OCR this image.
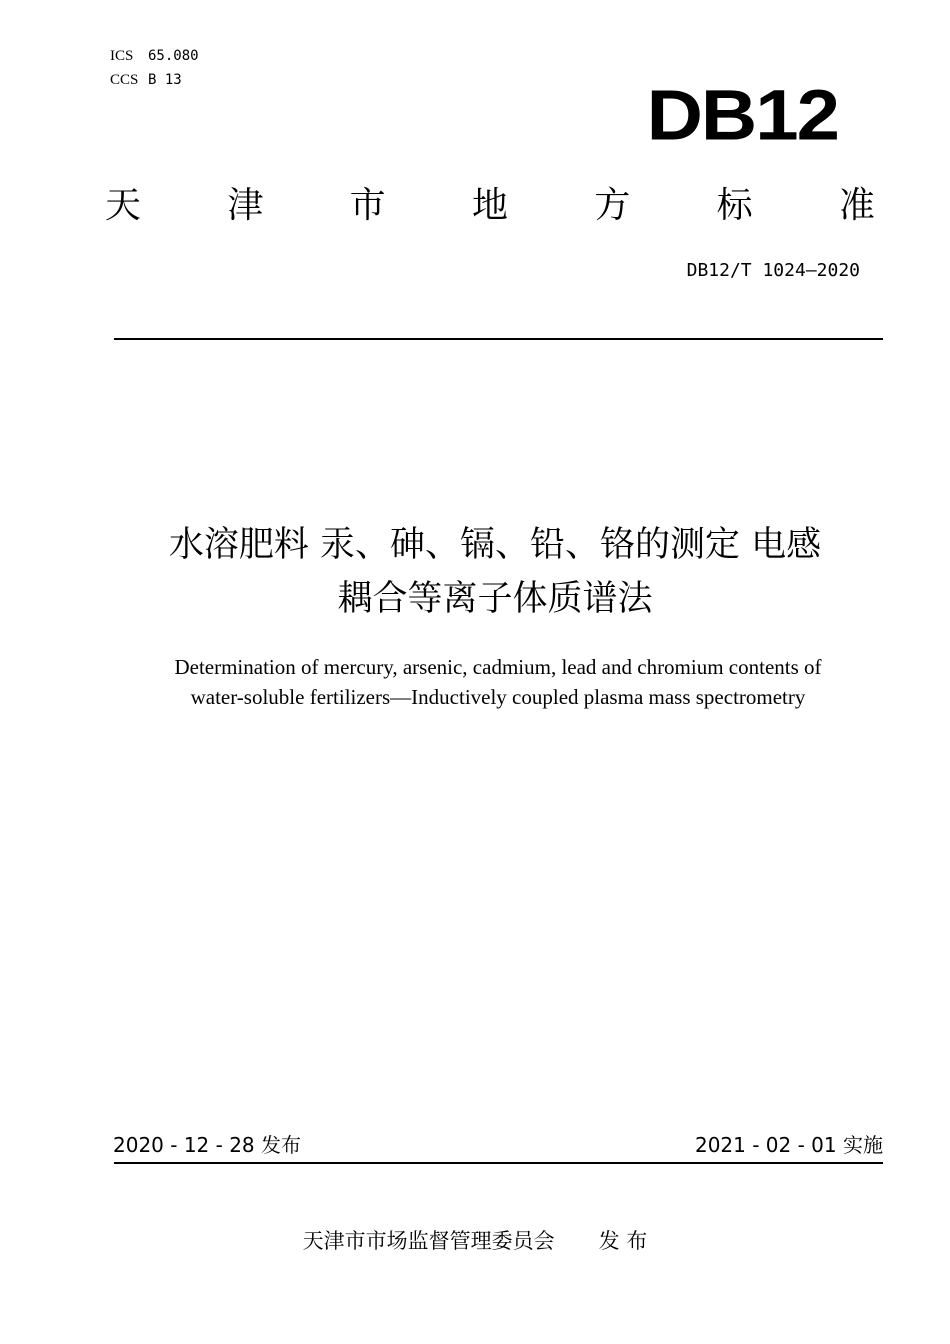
ICS	65.080
CCS B 13	DB12
天 津 市 地 方 标 准
DB12/T 1024—2020
水溶肥料 汞、砷、镉、铅、铬的测定 电感
耦合等离子体质谱法
Determination of mercury, arsenic, cadmium, lead and chromium contents of
water-soluble fertilizers—Inductively coupled plasma mass spectrometry
2020 - 12 - 28 发布	2021 - 02 - 01 实施
天津市市场监督管理委员会 发 布
